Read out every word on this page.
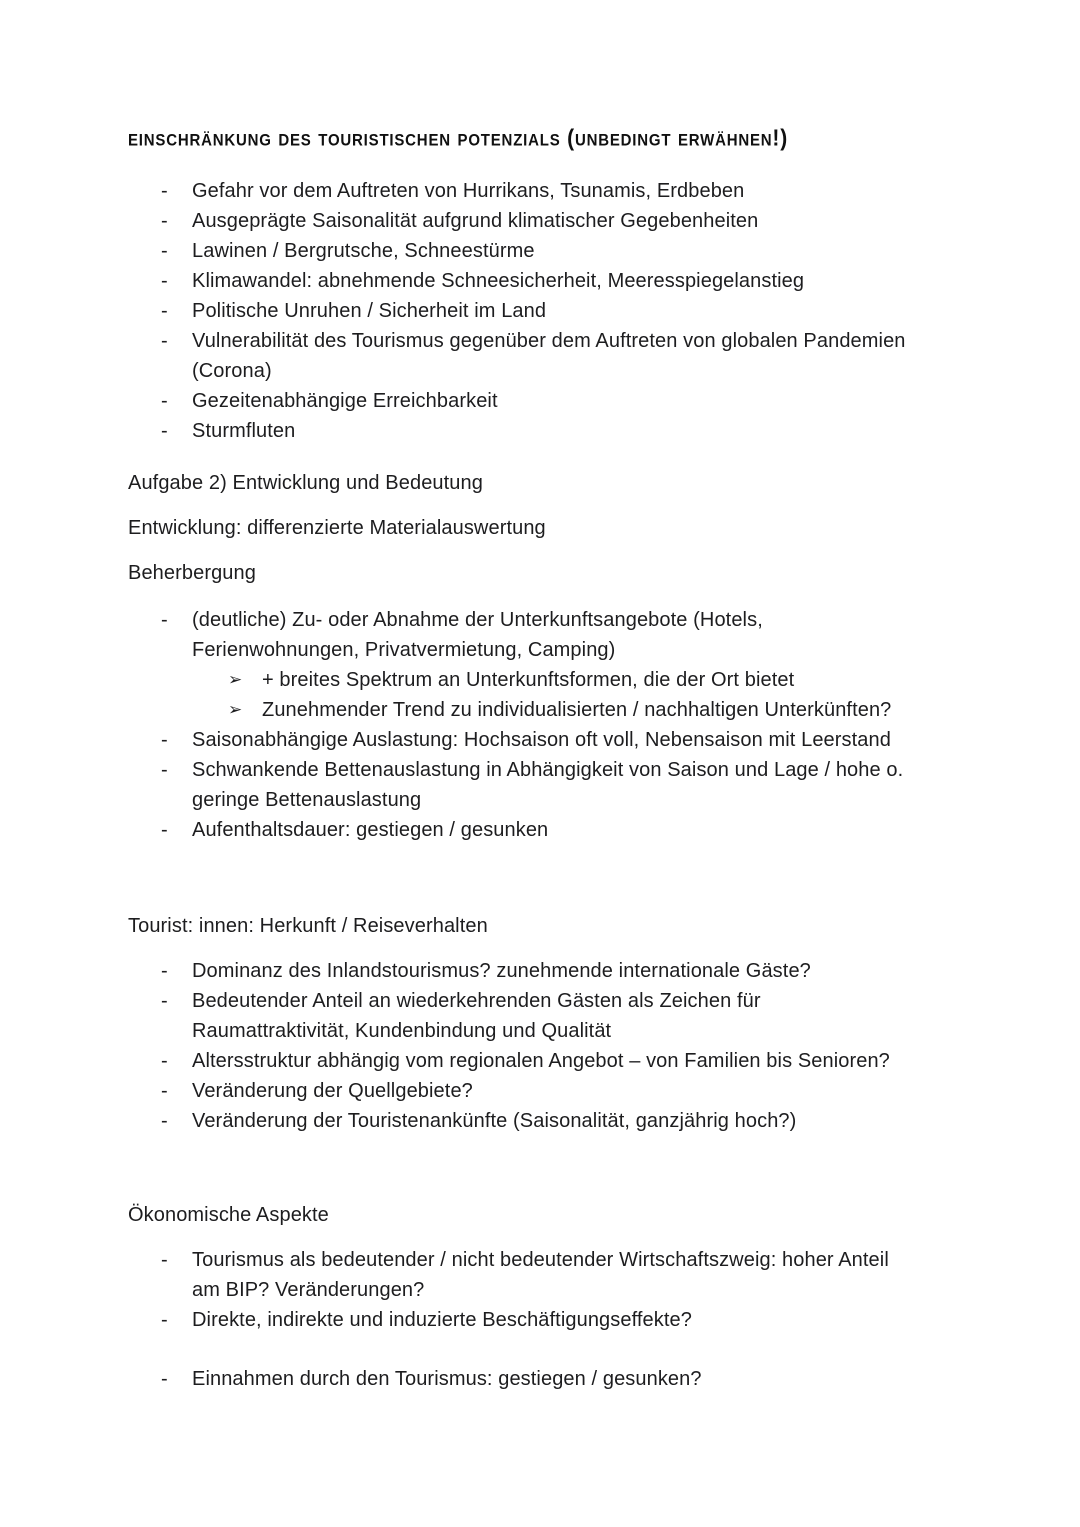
einschränkung des touristischen potenzials (unbedingt erwähnen!)
- Gefahr vor dem Auftreten von Hurrikans, Tsunamis, Erdbeben
- Ausgeprägte Saisonalität aufgrund klimatischer Gegebenheiten
- Lawinen / Bergrutsche, Schneestürme
- Klimawandel: abnehmende Schneesicherheit, Meeresspiegelanstieg
- Politische Unruhen / Sicherheit im Land
- Vulnerabilität des Tourismus gegenüber dem Auftreten von globalen Pandemien
(Corona)
- Gezeitenabhängige Erreichbarkeit
- Sturmfluten

Aufgabe 2) Entwicklung und Bedeutung

Entwicklung: differenzierte Materialauswertung

Beherbergung

- (deutliche) Zu- oder Abnahme der Unterkunftsangebote (Hotels,
Ferienwohnungen, Privatvermietung, Camping)
➢ + breites Spektrum an Unterkunftsformen, die der Ort bietet
➢ Zunehmender Trend zu individualisierten / nachhaltigen Unterkünften?
- Saisonabhängige Auslastung: Hochsaison oft voll, Nebensaison mit Leerstand
- Schwankende Bettenauslastung in Abhängigkeit von Saison und Lage / hohe o.
geringe Bettenauslastung
- Aufenthaltsdauer: gestiegen / gesunken

Tourist: innen: Herkunft / Reiseverhalten

- Dominanz des Inlandstourismus? zunehmende internationale Gäste?
- Bedeutender Anteil an wiederkehrenden Gästen als Zeichen für
Raumattraktivität, Kundenbindung und Qualität
- Altersstruktur abhängig vom regionalen Angebot – von Familien bis Senioren?
- Veränderung der Quellgebiete?
- Veränderung der Touristenankünfte (Saisonalität, ganzjährig hoch?)

Ökonomische Aspekte

- Tourismus als bedeutender / nicht bedeutender Wirtschaftszweig: hoher Anteil
am BIP? Veränderungen?
- Direkte, indirekte und induzierte Beschäftigungseffekte?
- Einnahmen durch den Tourismus: gestiegen / gesunken?
